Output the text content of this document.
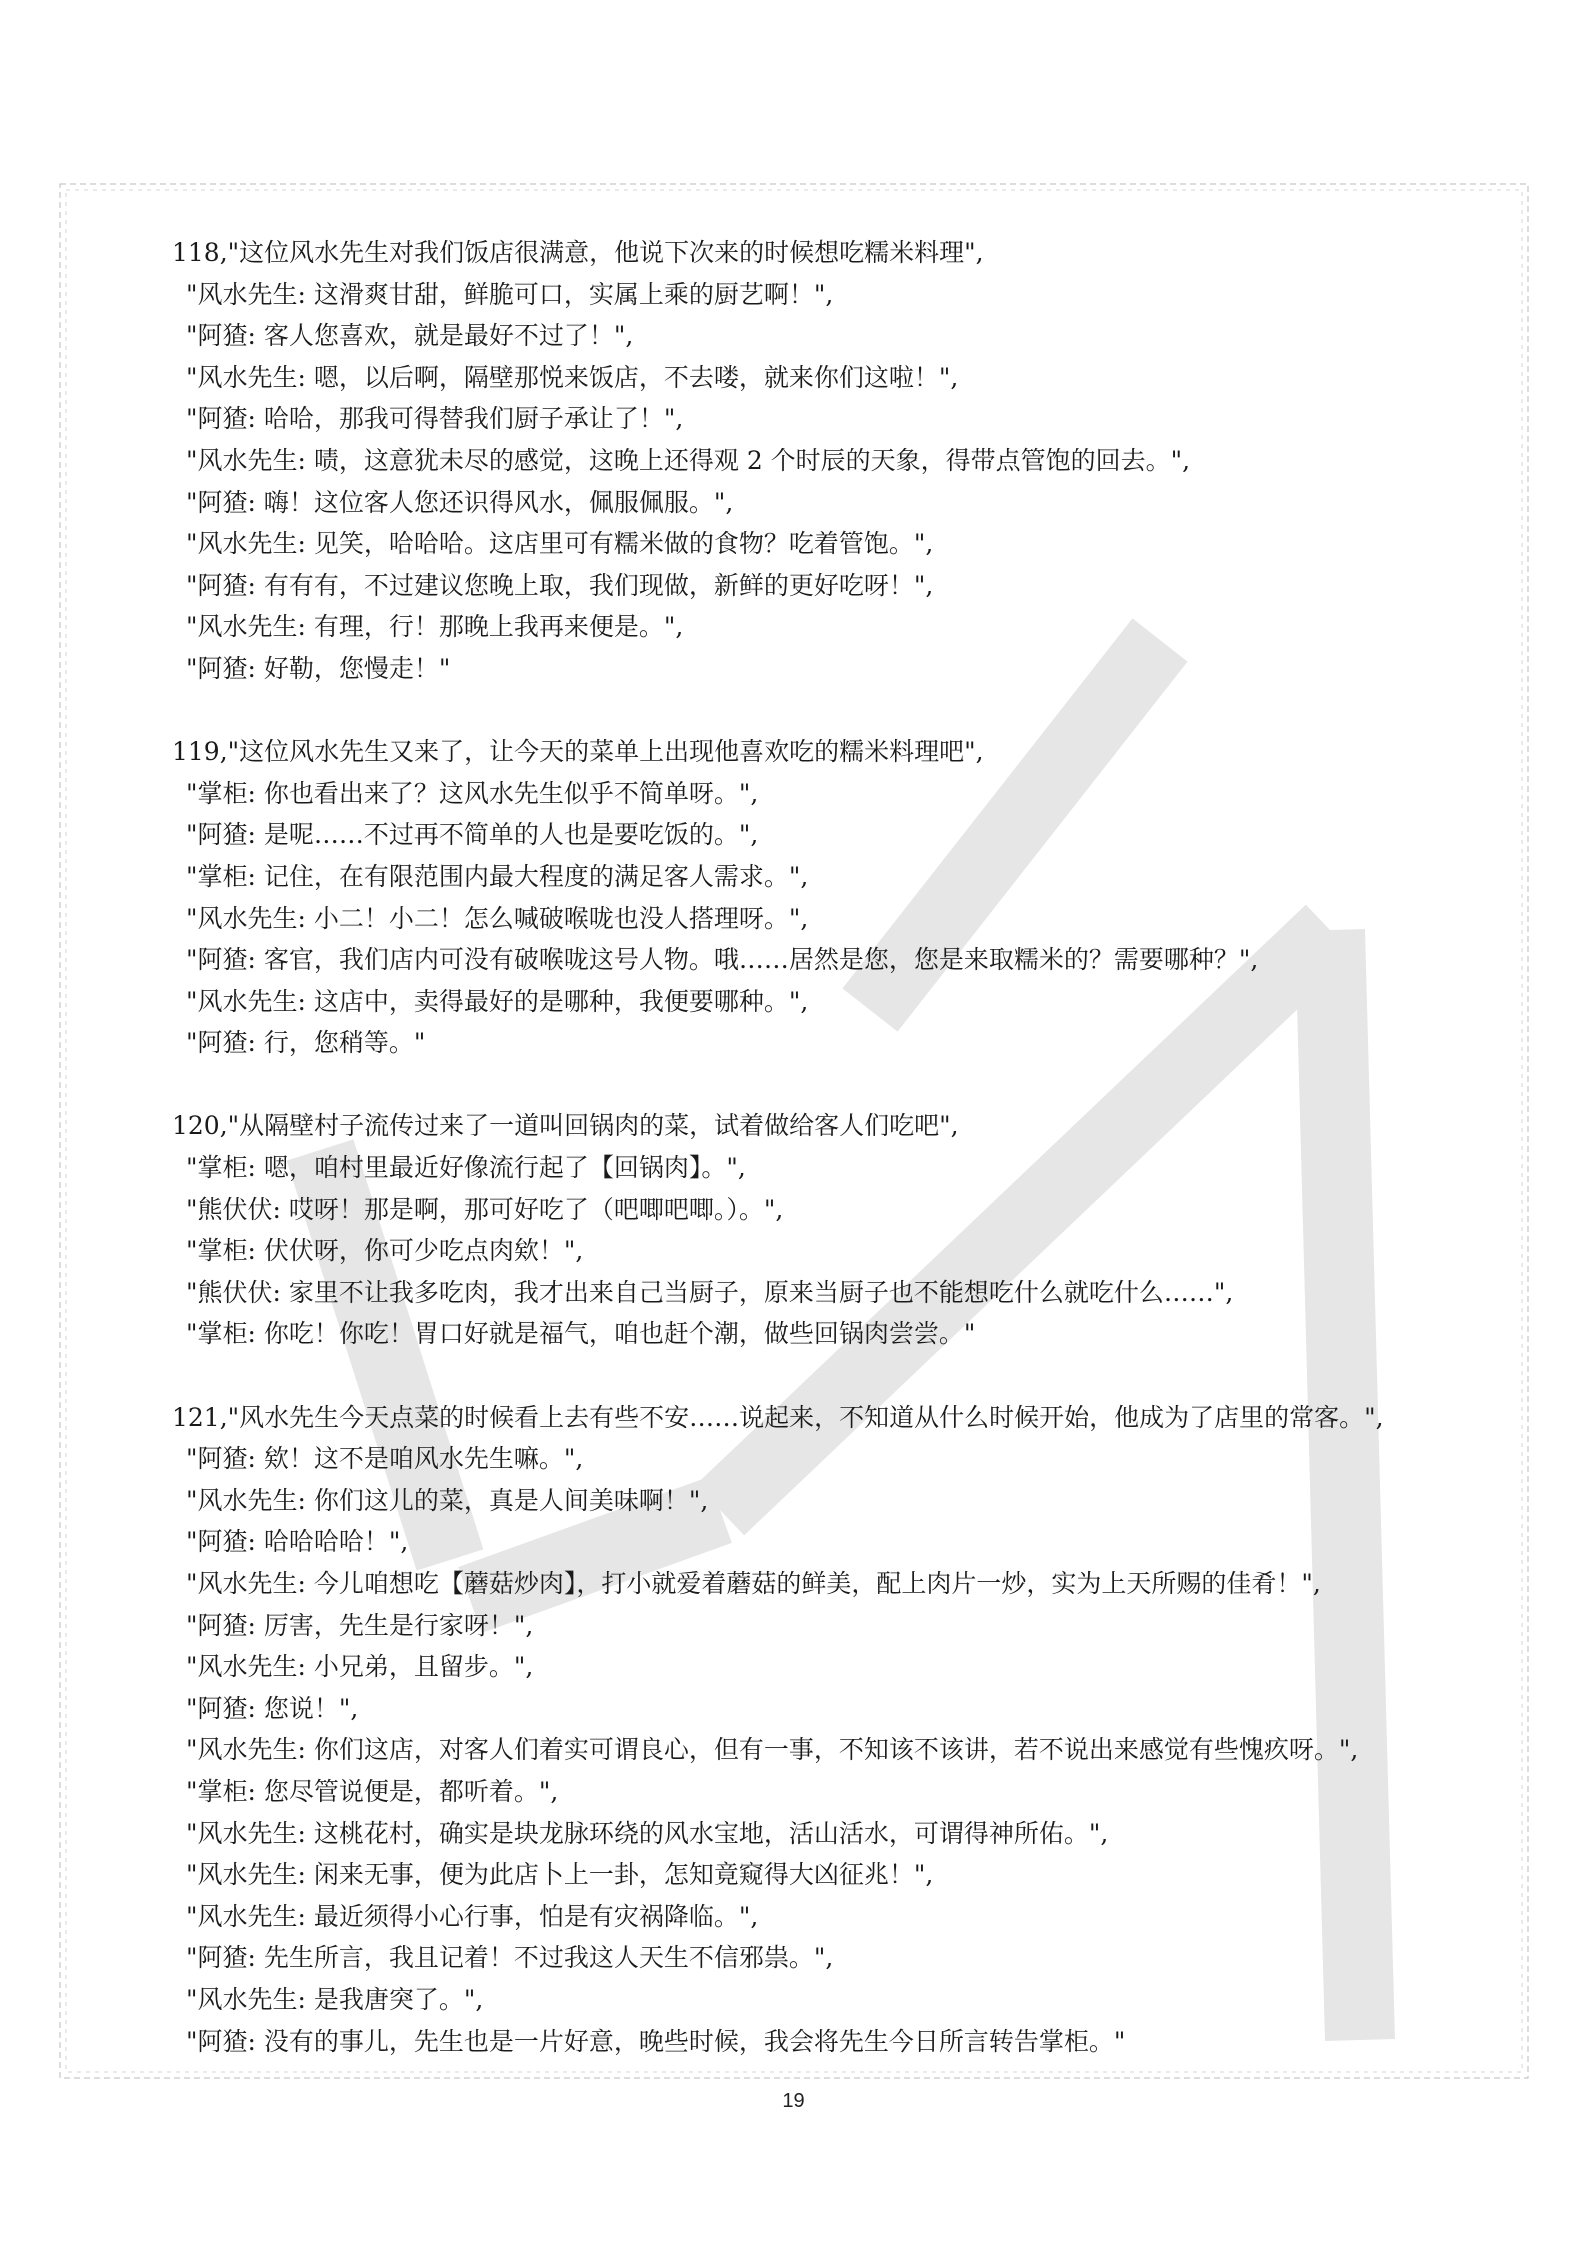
118,"这位风水先生对我们饭店很满意，他说下次来的时候想吃糯米料理",
"风水先生: 这滑爽甘甜，鲜脆可口，实属上乘的厨艺啊！",
"阿猹: 客人您喜欢，就是最好不过了！",
"风水先生: 嗯，以后啊，隔壁那悦来饭店，不去喽，就来你们这啦！",
"阿猹: 哈哈，那我可得替我们厨子承让了！",
"风水先生: 啧，这意犹未尽的感觉，这晚上还得观 2 个时辰的天象，得带点管饱的回去。",
"阿猹: 嗨！这位客人您还识得风水，佩服佩服。",
"风水先生: 见笑，哈哈哈。这店里可有糯米做的食物？吃着管饱。",
"阿猹: 有有有，不过建议您晚上取，我们现做，新鲜的更好吃呀！",
"风水先生: 有理，行！那晚上我再来便是。",
"阿猹: 好勒，您慢走！"
119,"这位风水先生又来了，让今天的菜单上出现他喜欢吃的糯米料理吧",
"掌柜: 你也看出来了？这风水先生似乎不简单呀。",
"阿猹: 是呢……不过再不简单的人也是要吃饭的。",
"掌柜: 记住，在有限范围内最大程度的满足客人需求。",
"风水先生: 小二！小二！怎么喊破喉咙也没人搭理呀。",
"阿猹: 客官，我们店内可没有破喉咙这号人物。哦……居然是您，您是来取糯米的？需要哪种？",
"风水先生: 这店中，卖得最好的是哪种，我便要哪种。",
"阿猹: 行，您稍等。"
120,"从隔壁村子流传过来了一道叫回锅肉的菜，试着做给客人们吃吧",
"掌柜: 嗯，咱村里最近好像流行起了【回锅肉】。",
"熊伏伏: 哎呀！那是啊，那可好吃了（吧唧吧唧。）。",
"掌柜: 伏伏呀，你可少吃点肉欸！",
"熊伏伏: 家里不让我多吃肉，我才出来自己当厨子，原来当厨子也不能想吃什么就吃什么……",
"掌柜: 你吃！你吃！胃口好就是福气，咱也赶个潮，做些回锅肉尝尝。"
121,"风水先生今天点菜的时候看上去有些不安……说起来，不知道从什么时候开始，他成为了店里的常客。",
"阿猹: 欸！这不是咱风水先生嘛。",
"风水先生: 你们这儿的菜，真是人间美味啊！",
"阿猹: 哈哈哈哈！",
"风水先生: 今儿咱想吃【蘑菇炒肉】，打小就爱着蘑菇的鲜美，配上肉片一炒，实为上天所赐的佳肴！",
"阿猹: 厉害，先生是行家呀！",
"风水先生: 小兄弟，且留步。",
"阿猹: 您说！",
"风水先生: 你们这店，对客人们着实可谓良心，但有一事，不知该不该讲，若不说出来感觉有些愧疚呀。",
"掌柜: 您尽管说便是，都听着。",
"风水先生: 这桃花村，确实是块龙脉环绕的风水宝地，活山活水，可谓得神所佑。",
"风水先生: 闲来无事，便为此店卜上一卦，怎知竟窥得大凶征兆！",
"风水先生: 最近须得小心行事，怕是有灾祸降临。",
"阿猹: 先生所言，我且记着！不过我这人天生不信邪祟。",
"风水先生: 是我唐突了。",
"阿猹: 没有的事儿，先生也是一片好意，晚些时候，我会将先生今日所言转告掌柜。"
19
